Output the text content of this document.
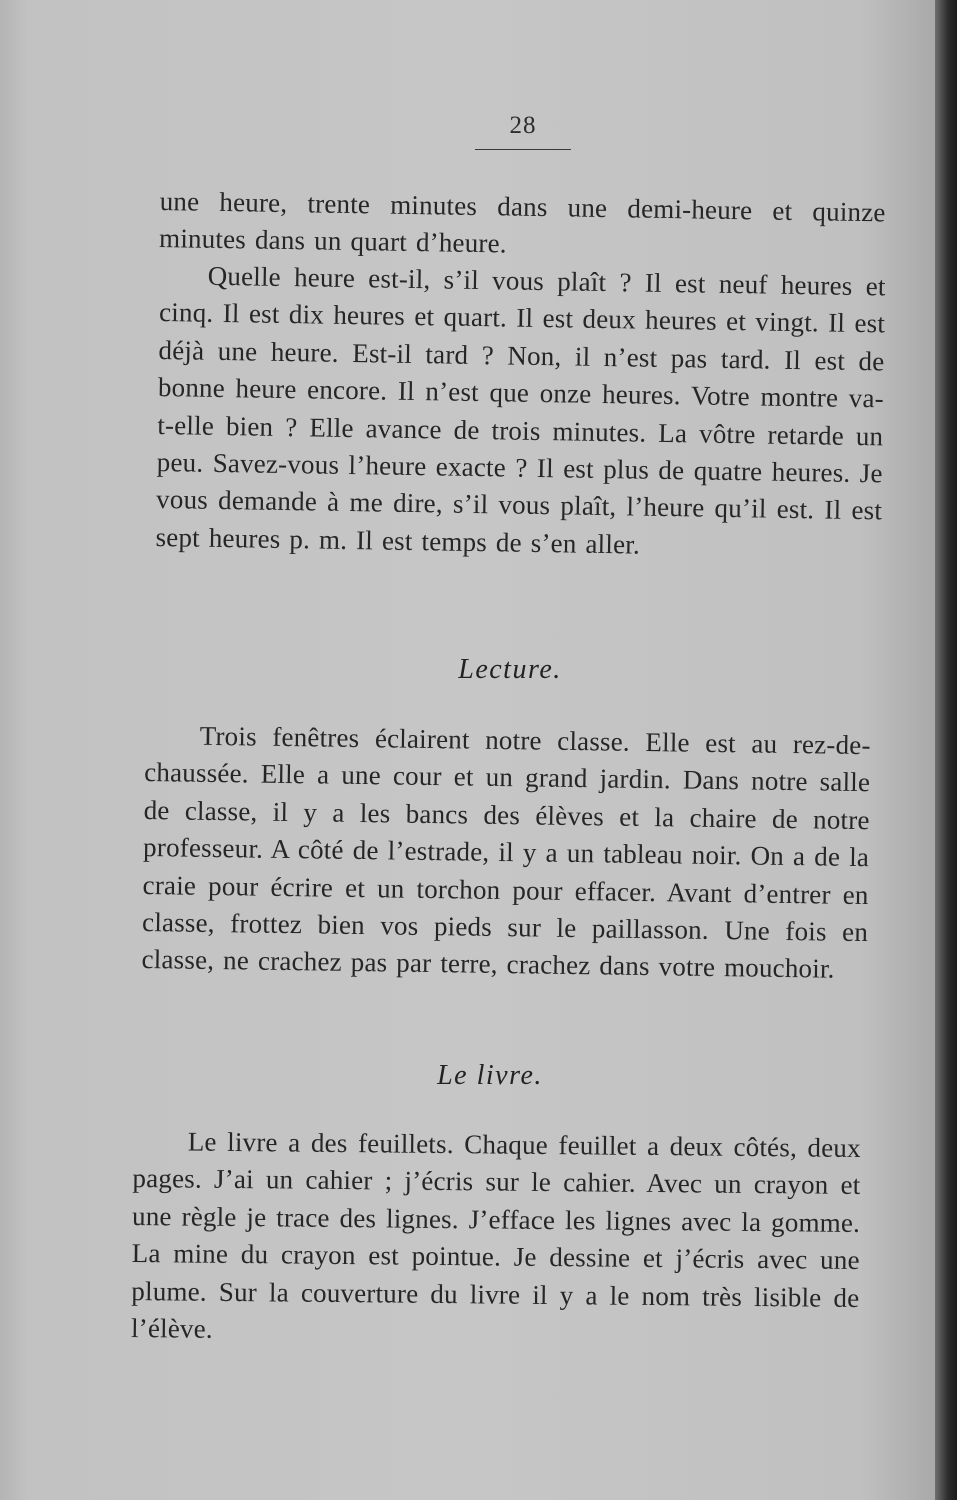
28

une heure, trente minutes dans une demi-heure et quinze minutes dans un quart d’heure.

Quelle heure est-il, s’il vous plaît ? Il est neuf heures et cinq. Il est dix heures et quart. Il est deux heures et vingt. Il est déjà une heure. Est-il tard ? Non, il n’est pas tard. Il est de bonne heure encore. Il n’est que onze heures. Votre montre va-t-elle bien ? Elle avance de trois minutes. La vôtre retarde un peu. Savez-vous l’heure exacte ? Il est plus de quatre heures. Je vous demande à me dire, s’il vous plaît, l’heure qu’il est. Il est sept heures p. m. Il est temps de s’en aller.

Lecture.

Trois fenêtres éclairent notre classe. Elle est au rez-de-chaussée. Elle a une cour et un grand jardin. Dans notre salle de classe, il y a les bancs des élèves et la chaire de notre professeur. A côté de l’estrade, il y a un tableau noir. On a de la craie pour écrire et un torchon pour effacer. Avant d’entrer en classe, frottez bien vos pieds sur le paillasson. Une fois en classe, ne crachez pas par terre, crachez dans votre mouchoir.

Le livre.

Le livre a des feuillets. Chaque feuillet a deux côtés, deux pages. J’ai un cahier ; j’écris sur le cahier. Avec un crayon et une règle je trace des lignes. J’efface les lignes avec la gomme. La mine du crayon est pointue. Je dessine et j’écris avec une plume. Sur la couverture du livre il y a le nom très lisible de l’élève.
